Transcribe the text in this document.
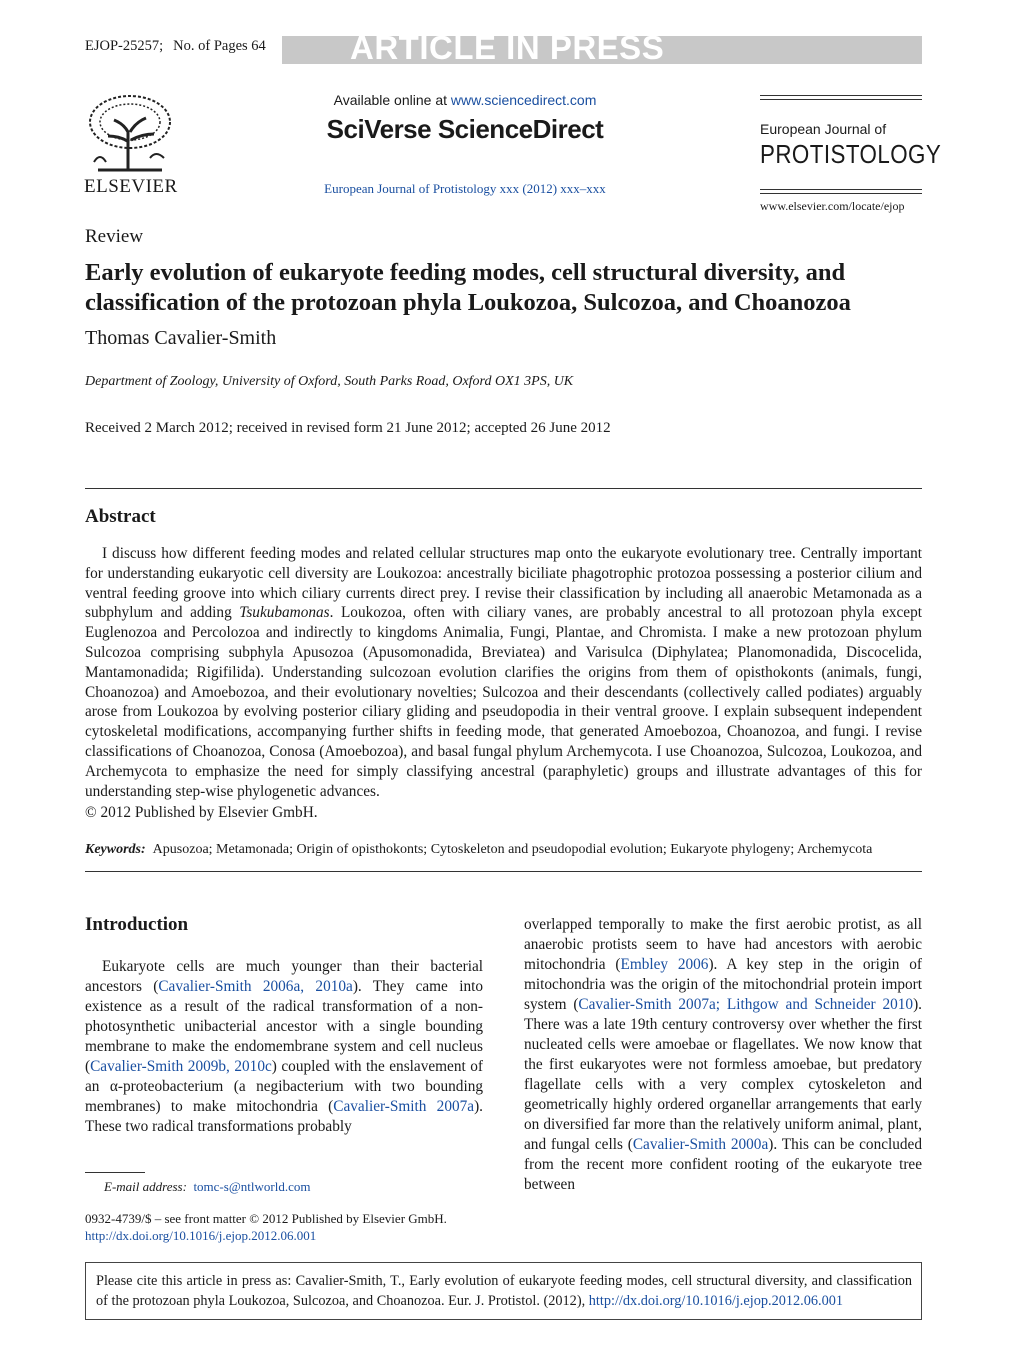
EJOP-25257; No. of Pages 64	ARTICLE IN PRESS
ELSEVIER
Available online at www.sciencedirect.com
SciVerse ScienceDirect
European Journal of Protistology xxx (2012) xxx–xxx
European Journal of
PROTISTOLOGY
www.elsevier.com/locate/ejop
Review
Early evolution of eukaryote feeding modes, cell structural diversity, and classification of the protozoan phyla Loukozoa, Sulcozoa, and Choanozoa
Thomas Cavalier-Smith
Department of Zoology, University of Oxford, South Parks Road, Oxford OX1 3PS, UK
Received 2 March 2012; received in revised form 21 June 2012; accepted 26 June 2012
Abstract

I discuss how different feeding modes and related cellular structures map onto the eukaryote evolutionary tree. Centrally important for understanding eukaryotic cell diversity are Loukozoa: ancestrally biciliate phagotrophic protozoa possessing a posterior cilium and ventral feeding groove into which ciliary currents direct prey. I revise their classification by including all anaerobic Metamonada as a subphylum and adding Tsukubamonas. Loukozoa, often with ciliary vanes, are probably ancestral to all protozoan phyla except Euglenozoa and Percolozoa and indirectly to kingdoms Animalia, Fungi, Plantae, and Chromista. I make a new protozoan phylum Sulcozoa comprising subphyla Apusozoa (Apusomonadida, Breviatea) and Varisulca (Diphylatea; Planomonadida, Discocelida, Mantamonadida; Rigifilida). Understanding sulcozoan evolution clarifies the origins from them of opisthokonts (animals, fungi, Choanozoa) and Amoebozoa, and their evolutionary novelties; Sulcozoa and their descendants (collectively called podiates) arguably arose from Loukozoa by evolving posterior ciliary gliding and pseudopodia in their ventral groove. I explain subsequent independent cytoskeletal modifications, accompanying further shifts in feeding mode, that generated Amoebozoa, Choanozoa, and fungi. I revise classifications of Choanozoa, Conosa (Amoebozoa), and basal fungal phylum Archemycota. I use Choanozoa, Sulcozoa, Loukozoa, and Archemycota to emphasize the need for simply classifying ancestral (paraphyletic) groups and illustrate advantages of this for understanding step-wise phylogenetic advances.

© 2012 Published by Elsevier GmbH.
Keywords: Apusozoa; Metamonada; Origin of opisthokonts; Cytoskeleton and pseudopodial evolution; Eukaryote phylogeny; Archemycota
Introduction

Eukaryote cells are much younger than their bacterial ancestors (Cavalier-Smith 2006a, 2010a). They came into existence as a result of the radical transformation of a non-photosynthetic unibacterial ancestor with a single bounding membrane to make the endomembrane system and cell nucleus (Cavalier-Smith 2009b, 2010c) coupled with the enslavement of an α-proteobacterium (a negibacterium with two bounding membranes) to make mitochondria (Cavalier-Smith 2007a). These two radical transformations probably

overlapped temporally to make the first aerobic protist, as all anaerobic protists seem to have had ancestors with aerobic mitochondria (Embley 2006). A key step in the origin of mitochondria was the origin of the mitochondrial protein import system (Cavalier-Smith 2007a; Lithgow and Schneider 2010). There was a late 19th century controversy over whether the first nucleated cells were amoebae or flagellates. We now know that the first eukaryotes were not formless amoebae, but predatory flagellate cells with a very complex cytoskeleton and geometrically highly ordered organellar arrangements that early on diversified far more than the relatively uniform animal, plant, and fungal cells (Cavalier-Smith 2000a). This can be concluded from the recent more confident rooting of the eukaryote tree between

E-mail address: tomc-s@ntlworld.com
0932-4739/$ – see front matter © 2012 Published by Elsevier GmbH.
http://dx.doi.org/10.1016/j.ejop.2012.06.001
Please cite this article in press as: Cavalier-Smith, T., Early evolution of eukaryote feeding modes, cell structural diversity, and classification of the protozoan phyla Loukozoa, Sulcozoa, and Choanozoa. Eur. J. Protistol. (2012), http://dx.doi.org/10.1016/j.ejop.2012.06.001
